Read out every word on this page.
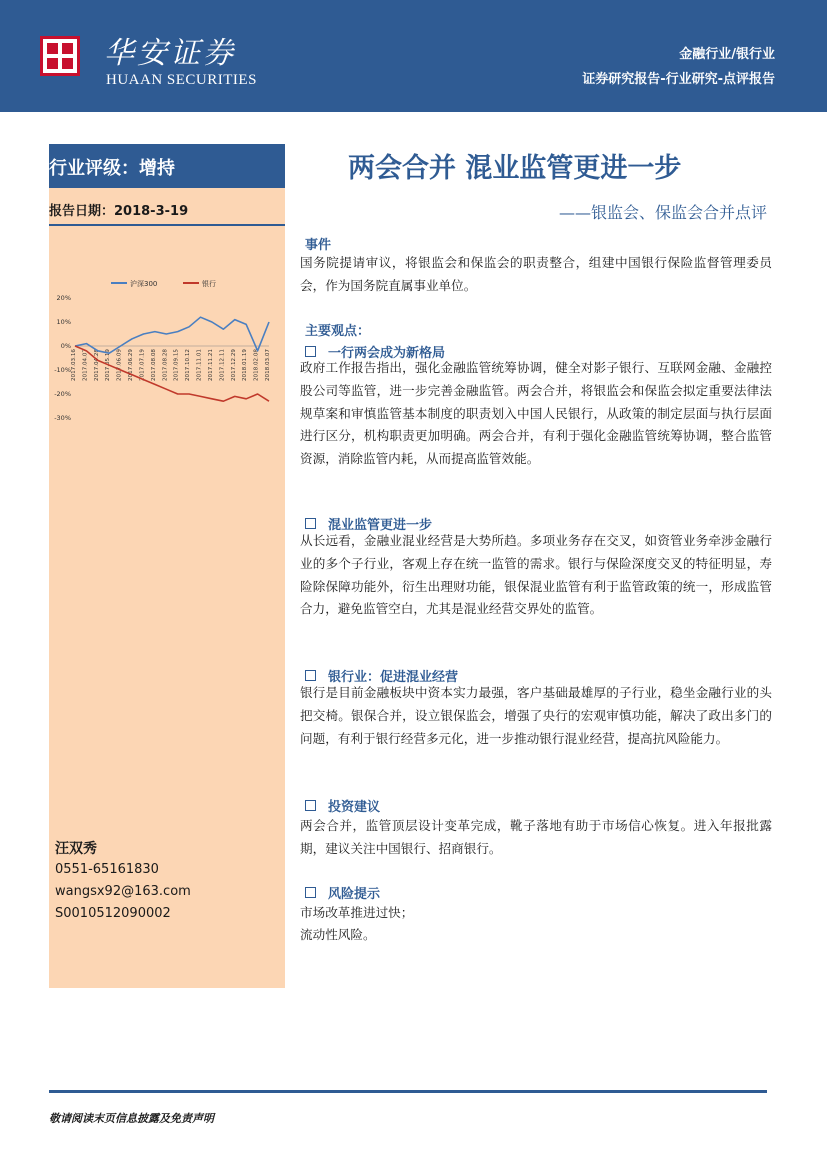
华安证券
HUAAN SECURITIES
金融行业/银行业
证券研究报告-行业研究-点评报告
行业评级：增持
报告日期：2018-3-19
沪深300	银行
20%
10%
0%
-10%
-20%
-30%
2017.03.16 2017.04.07 2017.04.28 2017.05.19 2017.06.09 2017.06.29 2017.07.19 2017.08.08 2017.08.28 2017.09.15 2017.10.12 2017.11.01 2017.11.21 2017.12.11 2017.12.29 2018.01.19 2018.02.08 2018.03.07
汪双秀
0551-65161830
wangsx92@163.com
S0010512090002
两会合并 混业监管更进一步
——银监会、保监会合并点评
事件
国务院提请审议，将银监会和保监会的职责整合，组建中国银行保险监督管理委员会，作为国务院直属事业单位。
主要观点：
一行两会成为新格局
政府工作报告指出，强化金融监管统筹协调，健全对影子银行、互联网金融、金融控股公司等监管，进一步完善金融监管。两会合并，将银监会和保监会拟定重要法律法规草案和审慎监管基本制度的职责划入中国人民银行，从政策的制定层面与执行层面进行区分，机构职责更加明确。两会合并，有利于强化金融监管统筹协调，整合监管资源，消除监管内耗，从而提高监管效能。
混业监管更进一步
从长远看，金融业混业经营是大势所趋。多项业务存在交叉，如资管业务牵涉金融行业的多个子行业，客观上存在统一监管的需求。银行与保险深度交叉的特征明显，寿险除保障功能外，衍生出理财功能，银保混业监管有利于监管政策的统一，形成监管合力，避免监管空白，尤其是混业经营交界处的监管。
银行业：促进混业经营
银行是目前金融板块中资本实力最强，客户基础最雄厚的子行业，稳坐金融行业的头把交椅。银保合并，设立银保监会，增强了央行的宏观审慎功能，解决了政出多门的问题，有利于银行经营多元化，进一步推动银行混业经营，提高抗风险能力。
投资建议
两会合并，监管顶层设计变革完成，靴子落地有助于市场信心恢复。进入年报批露期，建议关注中国银行、招商银行。
风险提示
市场改革推进过快；
流动性风险。
敬请阅读末页信息披露及免责声明
